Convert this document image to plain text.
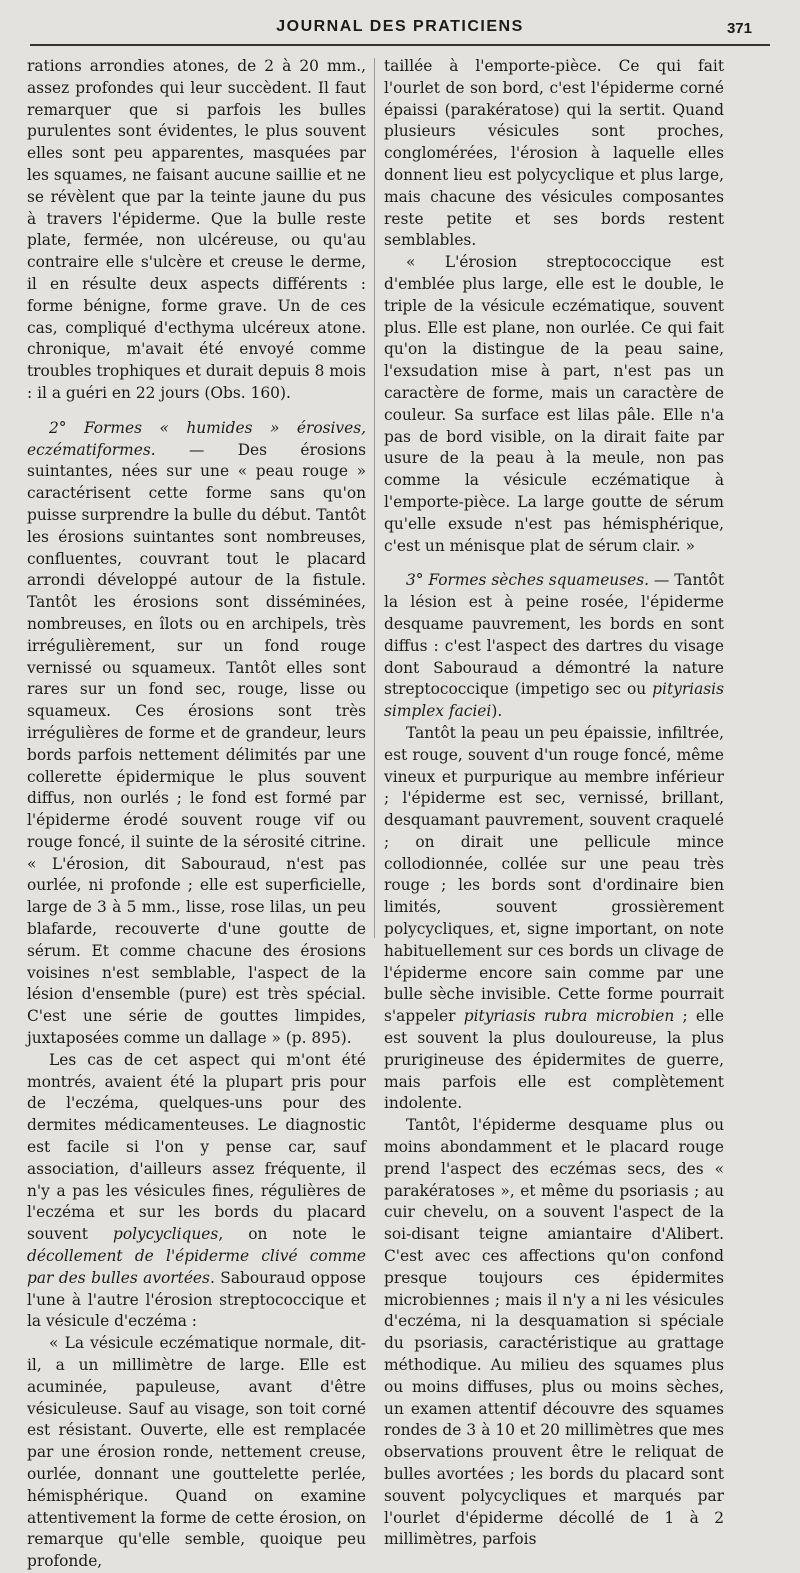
JOURNAL DES PRATICIENS	371

rations arrondies atones, de 2 à 20 mm., assez profondes qui leur succèdent. Il faut remarquer que si parfois les bulles purulentes sont évidentes, le plus souvent elles sont peu apparentes, masquées par les squames, ne faisant aucune saillie et ne se révèlent que par la teinte jaune du pus à travers l'épiderme. Que la bulle reste plate, fermée, non ulcéreuse, ou qu'au contraire elle s'ulcère et creuse le derme, il en résulte deux aspects différents : forme bénigne, forme grave. Un de ces cas, compliqué d'ecthyma ulcéreux atone. chronique, m'avait été envoyé comme troubles trophiques et durait depuis 8 mois : il a guéri en 22 jours (Obs. 160).

2° Formes « humides » érosives, eczématiformes. — Des érosions suintantes, nées sur une « peau rouge » caractérisent cette forme sans qu'on puisse surprendre la bulle du début. Tantôt les érosions suintantes sont nombreuses, confluentes, couvrant tout le placard arrondi développé autour de la fistule. Tantôt les érosions sont disséminées, nombreuses, en îlots ou en archipels, très irrégulièrement, sur un fond rouge vernissé ou squameux. Tantôt elles sont rares sur un fond sec, rouge, lisse ou squameux. Ces érosions sont très irrégulières de forme et de grandeur, leurs bords parfois nettement délimités par une collerette épidermique le plus souvent diffus, non ourlés ; le fond est formé par l'épiderme érodé souvent rouge vif ou rouge foncé, il suinte de la sérosité citrine. « L'érosion, dit Sabouraud, n'est pas ourlée, ni profonde ; elle est superficielle, large de 3 à 5 mm., lisse, rose lilas, un peu blafarde, recouverte d'une goutte de sérum. Et comme chacune des érosions voisines n'est semblable, l'aspect de la lésion d'ensemble (pure) est très spécial. C'est une série de gouttes limpides, juxtaposées comme un dallage » (p. 895).

Les cas de cet aspect qui m'ont été montrés, avaient été la plupart pris pour de l'eczéma, quelques-uns pour des dermites médicamenteuses. Le diagnostic est facile si l'on y pense car, sauf association, d'ailleurs assez fréquente, il n'y a pas les vésicules fines, régulières de l'eczéma et sur les bords du placard souvent polycycliques, on note le décollement de l'épiderme clivé comme par des bulles avortées. Sabouraud oppose l'une à l'autre l'érosion streptococcique et la vésicule d'eczéma :

« La vésicule eczématique normale, dit-il, a un millimètre de large. Elle est acuminée, papuleuse, avant d'être vésiculeuse. Sauf au visage, son toit corné est résistant. Ouverte, elle est remplacée par une érosion ronde, nettement creuse, ourlée, donnant une gouttelette perlée, hémisphérique. Quand on examine attentivement la forme de cette érosion, on remarque qu'elle semble, quoique peu profonde,

taillée à l'emporte-pièce. Ce qui fait l'ourlet de son bord, c'est l'épiderme corné épaissi (parakératose) qui la sertit. Quand plusieurs vésicules sont proches, conglomérées, l'érosion à laquelle elles donnent lieu est polycyclique et plus large, mais chacune des vésicules composantes reste petite et ses bords restent semblables.

« L'érosion streptococcique est d'emblée plus large, elle est le double, le triple de la vésicule eczématique, souvent plus. Elle est plane, non ourlée. Ce qui fait qu'on la distingue de la peau saine, l'exsudation mise à part, n'est pas un caractère de forme, mais un caractère de couleur. Sa surface est lilas pâle. Elle n'a pas de bord visible, on la dirait faite par usure de la peau à la meule, non pas comme la vésicule eczématique à l'emporte-pièce. La large goutte de sérum qu'elle exsude n'est pas hémisphérique, c'est un ménisque plat de sérum clair. »

3° Formes sèches squameuses. — Tantôt la lésion est à peine rosée, l'épiderme desquame pauvrement, les bords en sont diffus : c'est l'aspect des dartres du visage dont Sabouraud a démontré la nature streptococcique (impetigo sec ou pityriasis simplex faciei).

Tantôt la peau un peu épaissie, infiltrée, est rouge, souvent d'un rouge foncé, même vineux et purpurique au membre inférieur ; l'épiderme est sec, vernissé, brillant, desquamant pauvrement, souvent craquelé ; on dirait une pellicule mince collodionnée, collée sur une peau très rouge ; les bords sont d'ordinaire bien limités, souvent grossièrement polycycliques, et, signe important, on note habituellement sur ces bords un clivage de l'épiderme encore sain comme par une bulle sèche invisible. Cette forme pourrait s'appeler pityriasis rubra microbien ; elle est souvent la plus douloureuse, la plus prurigineuse des épidermites de guerre, mais parfois elle est complètement indolente.

Tantôt, l'épiderme desquame plus ou moins abondamment et le placard rouge prend l'aspect des eczémas secs, des « parakératoses », et même du psoriasis ; au cuir chevelu, on a souvent l'aspect de la soi-disant teigne amiantaire d'Alibert. C'est avec ces affections qu'on confond presque toujours ces épidermites microbiennes ; mais il n'y a ni les vésicules d'eczéma, ni la desquamation si spéciale du psoriasis, caractéristique au grattage méthodique. Au milieu des squames plus ou moins diffuses, plus ou moins sèches, un examen attentif découvre des squames rondes de 3 à 10 et 20 millimètres que mes observations prouvent être le reliquat de bulles avortées ; les bords du placard sont souvent polycycliques et marqués par l'ourlet d'épiderme décollé de 1 à 2 millimètres, parfois
